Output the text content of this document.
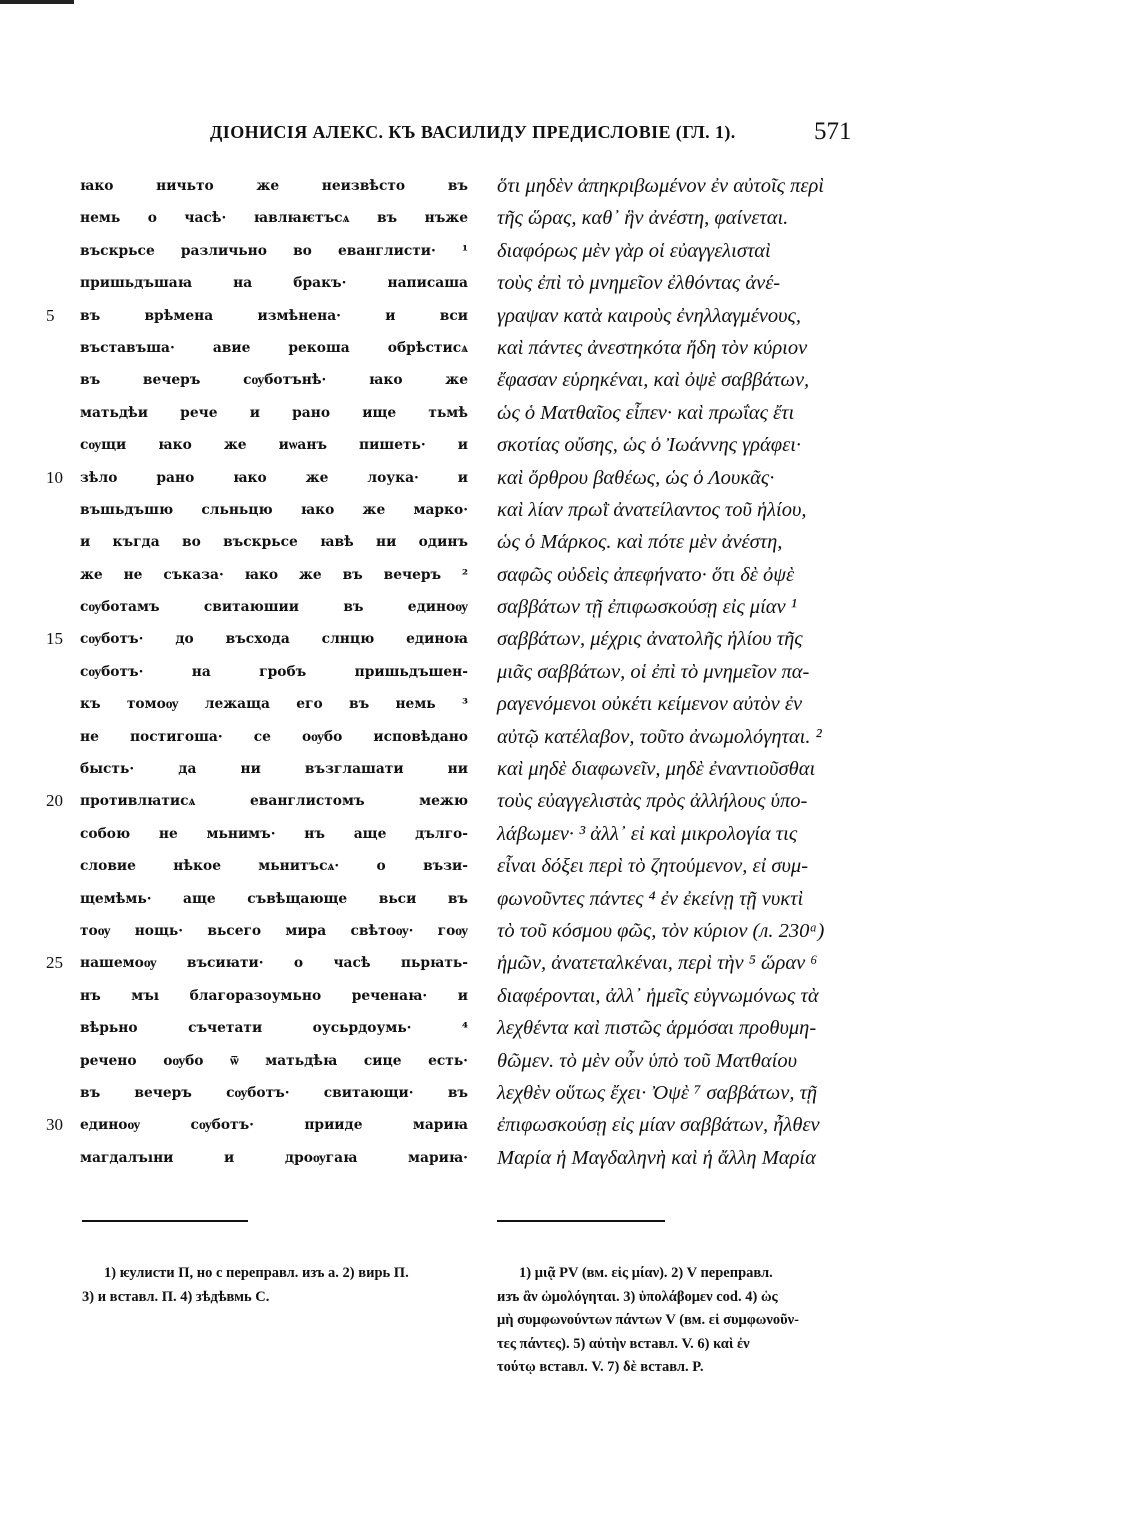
ДІОНИСІЯ АЛЕКС. КЪ ВАСИЛИДУ ПРЕДИСЛОВІЕ (ГЛ. 1).	571
ꙗко ничьто же неизвѣсто въ
немь о часѣ· ꙗвлꙗѥтъсѧ въ нъже
въскрьсе различьно во еванглисти· ¹
пришьдъшаꙗ на бракъ· написаша
5	въ врѣмена измѣнена· и вси
въставъша· авие рекоша обрѣстисѧ
въ вечеръ сѹботънѣ· ꙗко же
матьдѣи рече и рано ище тьмѣ
сѹщи ꙗко же иѡанъ пишеть· и
10	зѣло рано ꙗко же лоука· и
въшьдъшю сльньцю ꙗко же марко·
и къгда во въскрьсе ꙗвѣ ни одинъ
же не съказа· ꙗко же въ вечеръ ²
сѹботамъ свитаюшии въ единоѹ
15	сѹботъ· до въсхода слнцю единоꙗ
сѹботъ· на гробъ пришьдъшен-
къ томоѹ лежаща его въ немь ³
не постигоша· се оѹбо исповѣдано
бысть· да ни възглашати ни
20	противлꙗтисѧ еванглистомъ межю
собою не мьнимъ· нъ аще дълго-
словие нѣкое мьнитъсѧ· о възи-
щемѣмь· аще съвѣщающе вьси въ
тоѹ нощь· вьсего мира свѣтоѹ· гоѹ
25	нашемоѹ въсиꙗти· о часѣ пьрꙗть-
нъ мъı благоразоумьно реченаꙗ· и
вѣрьно съчетати оусьрдоумь· ⁴
речено оѹбо ѿ матьдѣꙗ сице есть·
въ вечеръ сѹботъ· свитающи· въ
30	единоѹ сѹботъ· прииде мариꙗ
магдалъıни и дроѹгаꙗ мариꙗ·
ὅτι μηδὲν ἀπηκριβωμένον ἐν αὐτοῖς περὶ
τῆς ὥρας, καθ᾽ ἣν ἀνέστη, φαίνεται.
διαφόρως μὲν γὰρ οἱ εὐαγγελισταὶ
τοὺς ἐπὶ τὸ μνημεῖον ἐλθόντας ἀνέ-
γραψαν κατὰ καιροὺς ἐνηλλαγμένους,
καὶ πάντες ἀνεστηκότα ἤδη τὸν κύριον
ἔφασαν εὑρηκέναι, καὶ ὀψὲ σαββάτων,
ὡς ὁ Ματθαῖος εἶπεν· καὶ πρωΐας ἔτι
σκοτίας οὔσης, ὡς ὁ Ἰωάννης γράφει·
καὶ ὄρθρου βαθέως, ὡς ὁ Λουκᾶς·
καὶ λίαν πρωῒ ἀνατείλαντος τοῦ ἡλίου,
ὡς ὁ Μάρκος. καὶ πότε μὲν ἀνέστη,
σαφῶς οὐδεὶς ἀπεφήνατο· ὅτι δὲ ὀψὲ
σαββάτων τῇ ἐπιφωσκούσῃ εἰς μίαν ¹
σαββάτων, μέχρις ἀνατολῆς ἡλίου τῆς
μιᾶς σαββάτων, οἱ ἐπὶ τὸ μνημεῖον πα-
ραγενόμενοι οὐκέτι κείμενον αὐτὸν ἐν
αὐτῷ κατέλαβον, τοῦτο ἀνωμολόγηται. ²
καὶ μηδὲ διαφωνεῖν, μηδὲ ἐναντιοῦσθαι
τοὺς εὐαγγελιστὰς πρὸς ἀλλήλους ὑπο-
λάβωμεν· ³ ἀλλ᾽ εἰ καὶ μικρολογία τις
εἶναι δόξει περὶ τὸ ζητούμενον, εἰ συμ-
φωνοῦντες πάντες ⁴ ἐν ἐκείνῃ τῇ νυκτὶ
τὸ τοῦ κόσμου φῶς, τὸν κύριον (л. 230ᵃ)
ἡμῶν, ἀνατεταλκέναι, περὶ τὴν ⁵ ὥραν ⁶
διαφέρονται, ἀλλ᾽ ἡμεῖς εὐγνωμόνως τὰ
λεχθέντα καὶ πιστῶς ἁρμόσαι προθυμη-
θῶμεν. τὸ μὲν οὖν ὑπὸ τοῦ Ματθαίου
λεχθὲν οὕτως ἔχει· Ὀψὲ ⁷ σαββάτων, τῇ
ἐπιφωσκούσῃ εἰς μίαν σαββάτων, ἦλθεν
Μαρία ἡ Μαγδαληνὴ καὶ ἡ ἄλλη Μαρία
1) ѥулисти П, но с переправл. изъ а. 2) вирь П.
3) и вставл. П. 4) зѣдѣвмь С.
1) μιᾷ PV (вм. εἰς μίαν). 2) V переправл.
изъ ἂν ὡμολόγηται. 3) ὑπολάβομεν cod. 4) ὡς
μὴ συμφωνούντων πάντων V (вм. εἰ συμφωνοῦν-
τες πάντες). 5) αὐτὴν вставл. V. 6) καὶ ἐν
τούτῳ вставл. V. 7) δὲ вставл. P.
